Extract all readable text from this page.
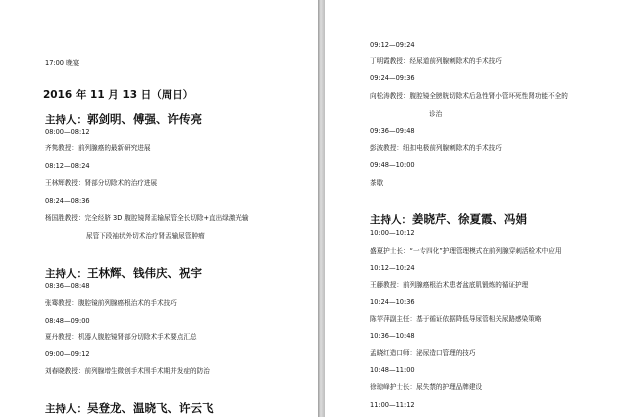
17:00 晚宴
2016 年 11 月 13 日（周日）
主持人：郭剑明、傅强、许传亮
08:00—08:12
齐隽教授：前列腺癌的最新研究进展
08:12—08:24
王林辉教授：肾部分切除术的治疗进展
08:24—08:36
杨国胜教授：完全经脐 3D 腹腔镜肾盂输尿管全长切除+直出绿激光输
尿管下段袖状外切术治疗肾盂输尿管肿瘤
主持人：王林辉、钱伟庆、祝宇
08:36—08:48
张骞教授：腹腔镜前列腺癌根治术的手术技巧
08:48—09:00
夏丹教授：机器人腹腔镜肾部分切除术手术要点汇总
09:00—09:12
刘春晓教授：前列腺增生微创手术围手术期并发症的防治
主持人：吴登龙、温晓飞、许云飞
09:12—09:24
丁明霞教授：经尿道前列腺剜除术的手术技巧
09:24—09:36
向松涛教授：腹腔镜全膀胱切除术后急性肾小管坏死性肾功能不全的
诊治
09:36—09:48
彭波教授：纽扣电极前列腺剜除术的手术技巧
09:48—10:00
茶歇
主持人：姜晓芹、徐夏霞、冯娟
10:00—10:12
盛夏护士长：“一专四化”护理管理模式在前列腺穿刺活检术中应用
10:12—10:24
王藤教授：前列腺癌根治术患者盆底肌锻炼的循证护理
10:24—10:36
陈苹萍副主任：基于循证依据降低导尿管相关尿路感染策略
10:36—10:48
孟晓红造口师：泌尿造口管理的技巧
10:48—11:00
徐琼峰护士长：尿失禁的护理品牌建设
11:00—11:12
